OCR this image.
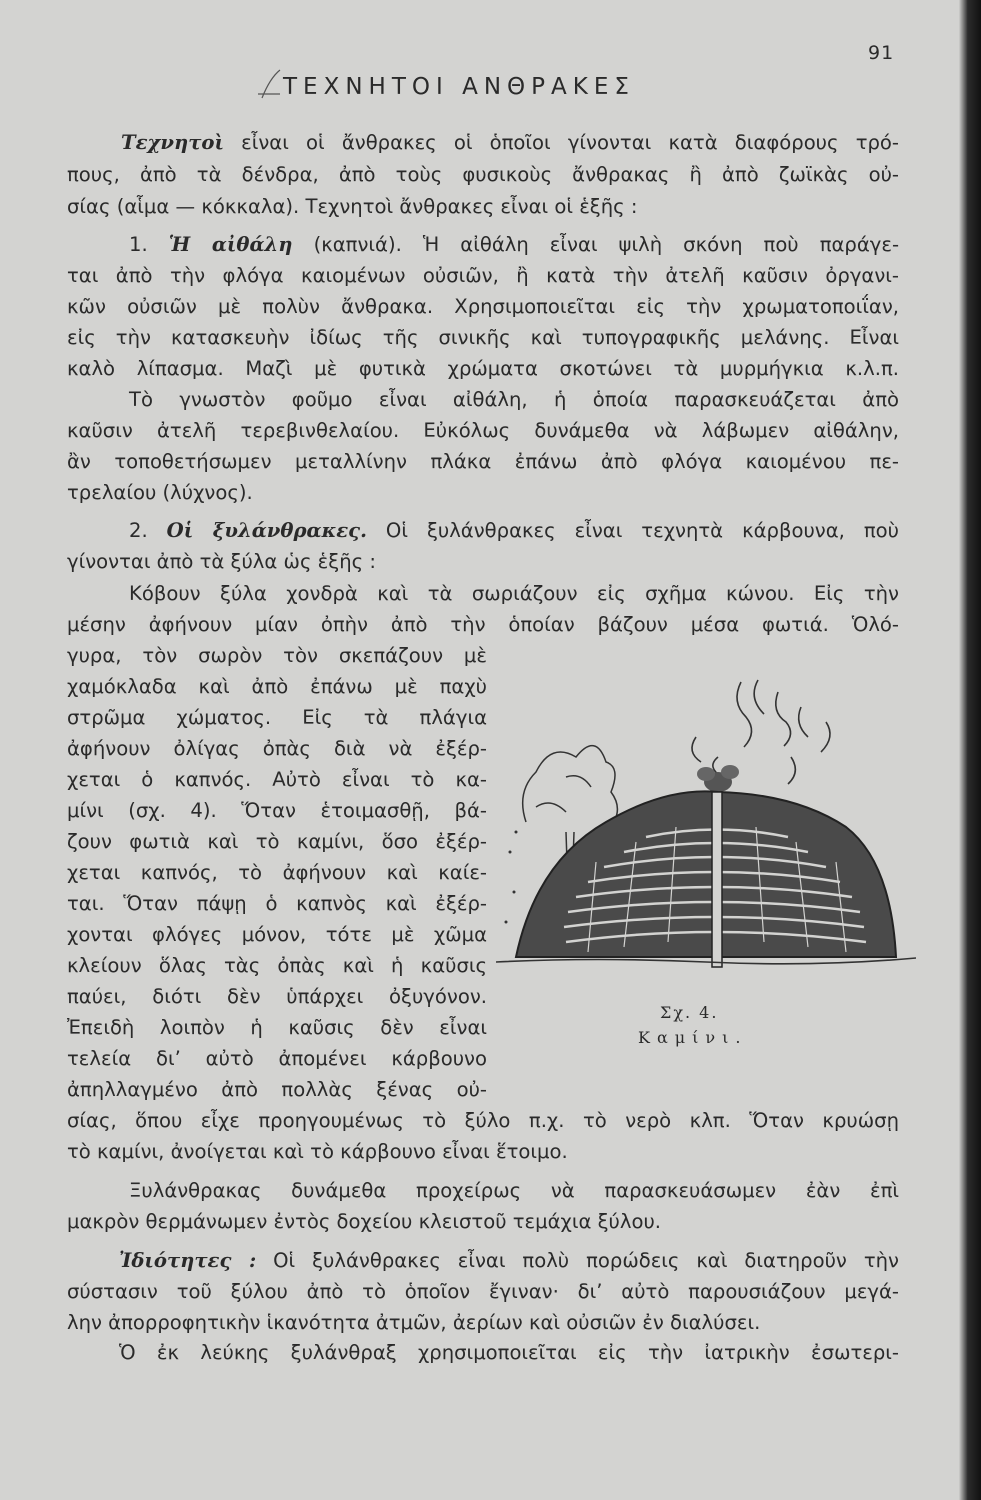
91
ΤΕΧΝΗΤΟΙ ΑΝΘΡΑΚΕΣ
Τεχνητοὶ εἶναι οἱ ἄνθρακες οἱ ὁποῖοι γίνονται κατὰ διαφόρους τρό-
πους, ἀπὸ τὰ δένδρα, ἀπὸ τοὺς φυσικοὺς ἄνθρακας ἢ ἀπὸ ζωϊκὰς οὐ-
σίας (αἷμα — κόκκαλα). Τεχνητοὶ ἄνθρακες εἶναι οἱ ἑξῆς :
1. Ἡ αἰθάλη (καπνιά). Ἡ αἰθάλη εἶναι ψιλὴ σκόνη ποὺ παράγε-
ται ἀπὸ τὴν φλόγα καιομένων οὐσιῶν, ἢ κατὰ τὴν ἀτελῆ καῦσιν ὀργανι-
κῶν οὐσιῶν μὲ πολὺν ἄνθρακα. Χρησιμοποιεῖται εἰς τὴν χρωματοποιΐαν,
εἰς τὴν κατασκευὴν ἰδίως τῆς σινικῆς καὶ τυπογραφικῆς μελάνης. Εἶναι
καλὸ λίπασμα. Μαζὶ μὲ φυτικὰ χρώματα σκοτώνει τὰ μυρμήγκια κ.λ.π.
Τὸ γνωστὸν φοῦμο εἶναι αἰθάλη, ἡ ὁποία παρασκευάζεται ἀπὸ
καῦσιν ἀτελῆ τερεβινθελαίου. Εὐκόλως δυνάμεθα νὰ λάβωμεν αἰθάλην,
ἂν τοποθετήσωμεν μεταλλίνην πλάκα ἐπάνω ἀπὸ φλόγα καιομένου πε-
τρελαίου (λύχνος).
2. Οἱ ξυλάνθρακες. Οἱ ξυλάνθρακες εἶναι τεχνητὰ κάρβουνα, ποὺ
γίνονται ἀπὸ τὰ ξύλα ὡς ἑξῆς :
Κόβουν ξύλα χονδρὰ καὶ τὰ σωριάζουν εἰς σχῆμα κώνου. Εἰς τὴν
μέσην ἀφήνουν μίαν ὀπὴν ἀπὸ τὴν ὁποίαν βάζουν μέσα φωτιά. Ὁλό-
γυρα, τὸν σωρὸν τὸν σκεπάζουν μὲ
χαμόκλαδα καὶ ἀπὸ ἐπάνω μὲ παχὺ
στρῶμα χώματος. Εἰς τὰ πλάγια
ἀφήνουν ὀλίγας ὀπὰς διὰ νὰ ἐξέρ-
χεται ὁ καπνός. Αὐτὸ εἶναι τὸ κα-
μίνι (σχ. 4). Ὅταν ἑτοιμασθῇ, βά-
ζουν φωτιὰ καὶ τὸ καμίνι, ὅσο ἐξέρ-
χεται καπνός, τὸ ἀφήνουν καὶ καίε-
ται. Ὅταν πάψῃ ὁ καπνὸς καὶ ἐξέρ-
χονται φλόγες μόνον, τότε μὲ χῶμα
κλείουν ὅλας τὰς ὀπὰς καὶ ἡ καῦσις
παύει, διότι δὲν ὑπάρχει ὀξυγόνον.
Ἐπειδὴ λοιπὸν ἡ καῦσις δὲν εἶναι
τελεία δι’ αὐτὸ ἀπομένει κάρβουνο
ἀπηλλαγμένο ἀπὸ πολλὰς ξένας οὐ-
σίας, ὅπου εἶχε προηγουμένως τὸ ξύλο π.χ. τὸ νερὸ κλπ. Ὅταν κρυώσῃ
τὸ καμίνι, ἀνοίγεται καὶ τὸ κάρβουνο εἶναι ἕτοιμο.
Ξυλάνθρακας δυνάμεθα προχείρως νὰ παρασκευάσωμεν ἐὰν ἐπὶ
μακρὸν θερμάνωμεν ἐντὸς δοχείου κλειστοῦ τεμάχια ξύλου.
Ἰδιότητες : Οἱ ξυλάνθρακες εἶναι πολὺ πορώδεις καὶ διατηροῦν τὴν
σύστασιν τοῦ ξύλου ἀπὸ τὸ ὁποῖον ἔγιναν· δι’ αὐτὸ παρουσιάζουν μεγά-
λην ἀπορροφητικὴν ἱκανότητα ἀτμῶν, ἀερίων καὶ οὐσιῶν ἐν διαλύσει.
Ὁ ἐκ λεύκης ξυλάνθραξ χρησιμοποιεῖται εἰς τὴν ἰατρικὴν ἐσωτερι-
Σχ. 4.
Καμίνι.
